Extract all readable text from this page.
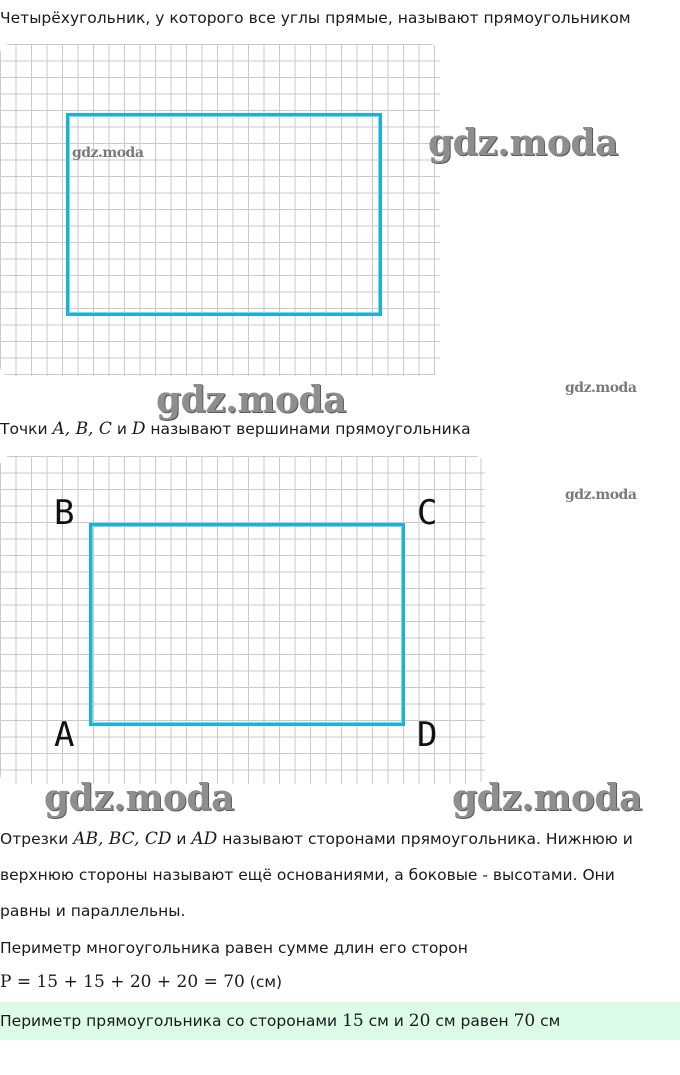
Четырёхугольник, у которого все углы прямые, называют прямоугольником
gdz.moda	gdz.moda
gdz.moda	gdz.moda
Точки A, B, C и D называют вершинами прямоугольника
B	C
A	D
gdz.moda
gdz.moda	gdz.moda
Отрезки AB, BC, CD и AD называют сторонами прямоугольника. Нижнюю и
верхнюю стороны называют ещё основаниями, а боковые - высотами. Они
равны и параллельны.
Периметр многоугольника равен сумме длин его сторон
P = 15 + 15 + 20 + 20 = 70 (см)
Периметр прямоугольника со сторонами 15 см и 20 см равен 70 см
